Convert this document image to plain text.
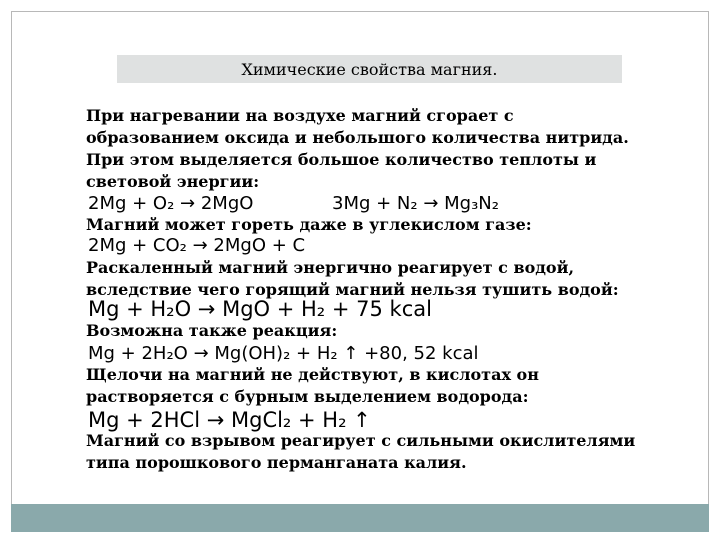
Химические свойства магния.

При нагревании на воздухе магний сгорает с
образованием оксида и небольшого количества нитрида.
При этом выделяется большое количество теплоты и
световой энергии:

2Mg + O₂ → 2MgO	3Mg + N₂ → Mg₃N₂

Магний может гореть даже в углекислом газе:

2Mg + CO₂ → 2MgO + C

Раскаленный магний энергично реагирует с водой,
вследствие чего горящий магний нельзя тушить водой:

Mg + H₂O → MgO + H₂ + 75 kcal

Возможна также реакция:

Mg + 2H₂O → Mg(OH)₂ + H₂ ↑ +80, 52 kcal

Щелочи на магний не действуют, в кислотах он
растворяется с бурным выделением водорода:

Mg + 2HCl → MgCl₂ + H₂ ↑

Магний со взрывом реагирует с сильными окислителями
типа порошкового перманганата калия.
